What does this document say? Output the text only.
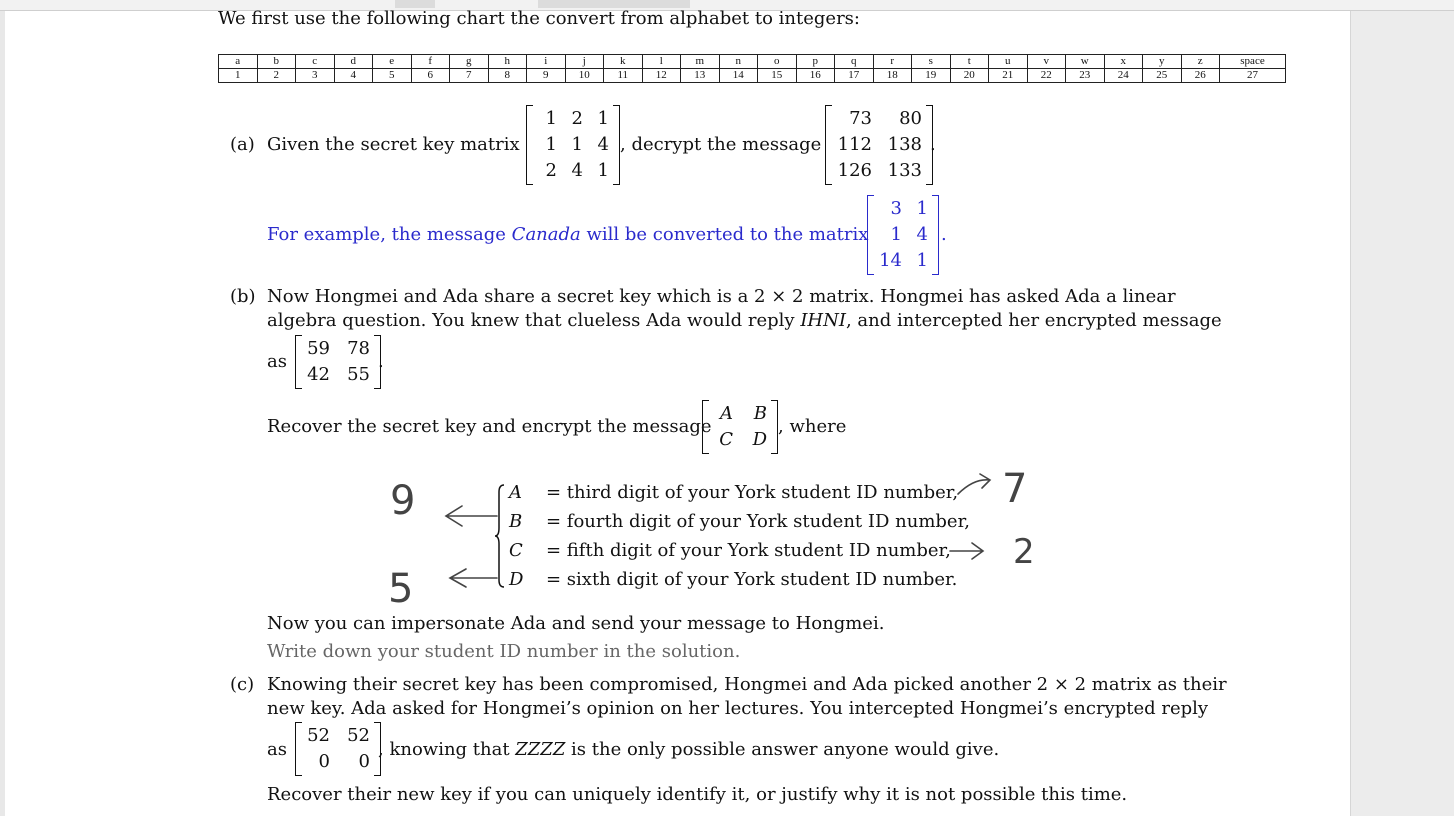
We first use the following chart the convert from alphabet to integers:
a	b	c	d	e	f	g	h	i	j	k	l	m	n	o	p	q	r	s	t	u	v	w	x	y	z	space
1	2	3	4	5	6	7	8	9	10	11	12	13	14	15	16	17	18	19	20	21	22	23	24	25	26	27
(a) Given the secret key matrix
1 2 1
1 1 4
2 4 1
, decrypt the message
73	80
112 138
126 133
.
For example, the message Canada will be converted to the matrix
3 1
1 4
14 1
.
(b) Now Hongmei and Ada share a secret key which is a 2 × 2 matrix. Hongmei has asked Ada a linear
algebra question. You knew that clueless Ada would reply IHNI, and intercepted her encrypted message
as
59 78
42 55
.
Recover the secret key and encrypt the message
A	B
C	D
, where
A = third digit of your York student ID number,
B = fourth digit of your York student ID number,
C = fifth digit of your York student ID number,
D = sixth digit of your York student ID number.
9
5
7
2
Now you can impersonate Ada and send your message to Hongmei.
Write down your student ID number in the solution.
(c) Knowing their secret key has been compromised, Hongmei and Ada picked another 2 × 2 matrix as their
new key. Ada asked for Hongmei’s opinion on her lectures. You intercepted Hongmei’s encrypted reply
as
52 52
0	0
, knowing that ZZZZ is the only possible answer anyone would give.
Recover their new key if you can uniquely identify it, or justify why it is not possible this time.
